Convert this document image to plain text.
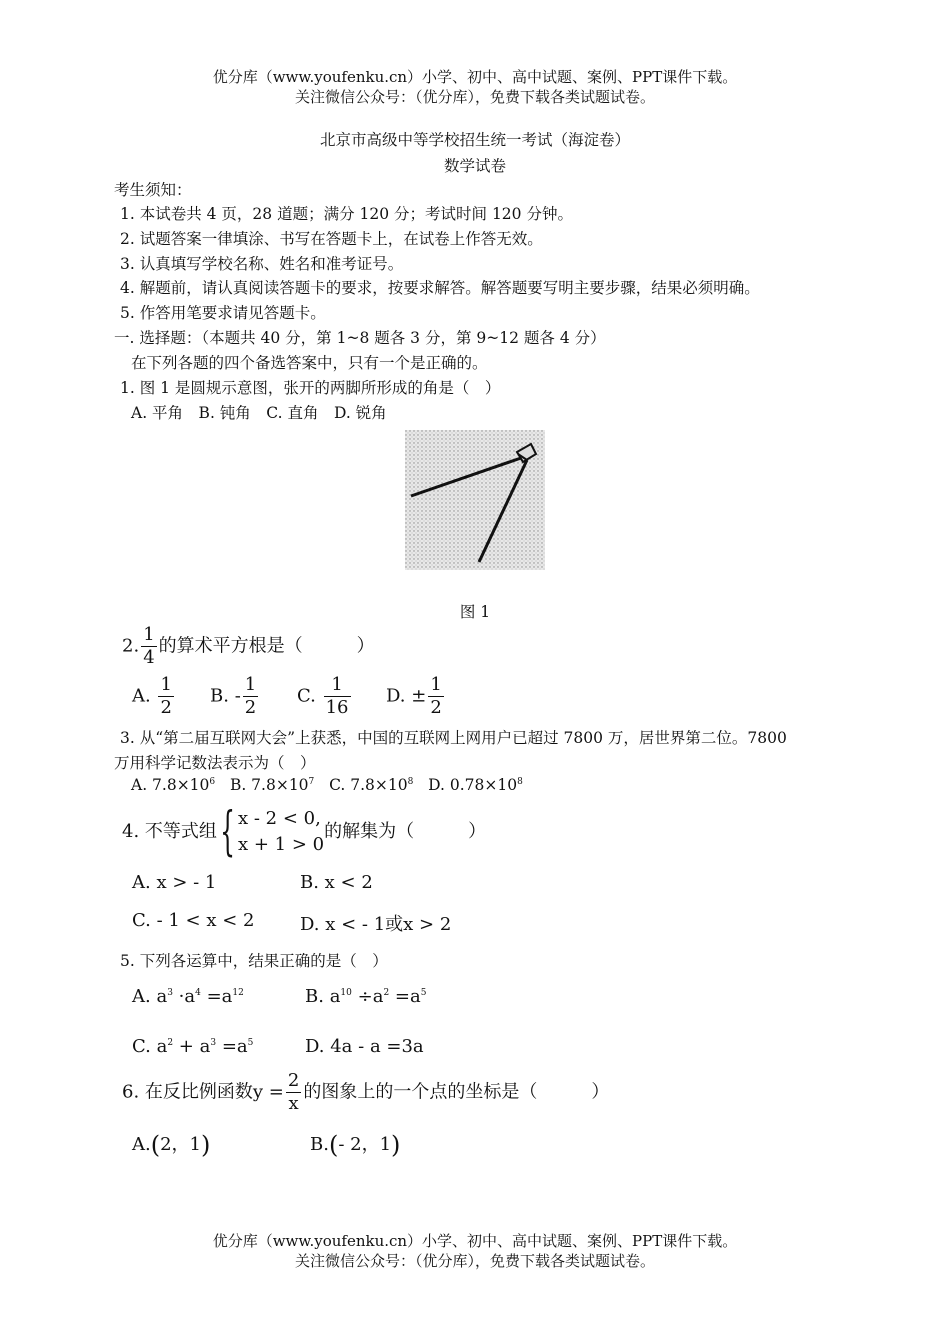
优分库（www.youfenku.cn）小学、初中、高中试题、案例、PPT课件下载。
关注微信公众号：（优分库），免费下载各类试题试卷。
北京市高级中等学校招生统一考试（海淀卷）
数学试卷
考生须知：
1. 本试卷共 4 页，28 道题；满分 120 分；考试时间 120 分钟。
2. 试题答案一律填涂、书写在答题卡上，在试卷上作答无效。
3. 认真填写学校名称、姓名和准考证号。
4. 解题前，请认真阅读答题卡的要求，按要求解答。解答题要写明主要步骤，结果必须明确。
5. 作答用笔要求请见答题卡。
一. 选择题：（本题共 40 分，第 1~8 题各 3 分，第 9~12 题各 4 分）
在下列各题的四个备选答案中，只有一个是正确的。
1. 图 1 是圆规示意图，张开的两脚所形成的角是（　）
A. 平角　B. 钝角　C. 直角　D. 锐角
图 1
2. $\frac{1}{4}$ 的算术平方根是（　　　）
A. $\frac{1}{2} B$. - $\frac{1}{2} C$. $\frac{1}{16} D$. ± $\frac{1}{2}$
3. 从“第二届互联网大会”上获悉，中国的互联网上网用户已超过 7800 万，居世界第二位。7800
万用科学记数法表示为（　）
A. $7.8\times 10^6$ B. $7.8\times 10^7$ C. $7.8\times 10^8$ D. $0.78\times 10^8$
4. 不等式组{ x - 2 < 0,
x + 1 > 0
的解集为（　　　）
A. x > - 1	B. x < 2
C. - 1 < x < 2	D. x < - 1或x > 2
5. 下列各运算中，结果正确的是（　）
A. $a^3 \cdot a^4 =a^{12}$	B. $a^{10} \div a^2 =a^5$
C. $a^2 + a^3 =a^5$	D. 4a - a =3a
6. 在反比例函数$y = \frac{2}{x}$ 的图象上的一个点的坐标是（　　　）
A.(2，1)	B.(- 2，1)
优分库（www.youfenku.cn）小学、初中、高中试题、案例、PPT课件下载。
关注微信公众号：（优分库），免费下载各类试题试卷。
